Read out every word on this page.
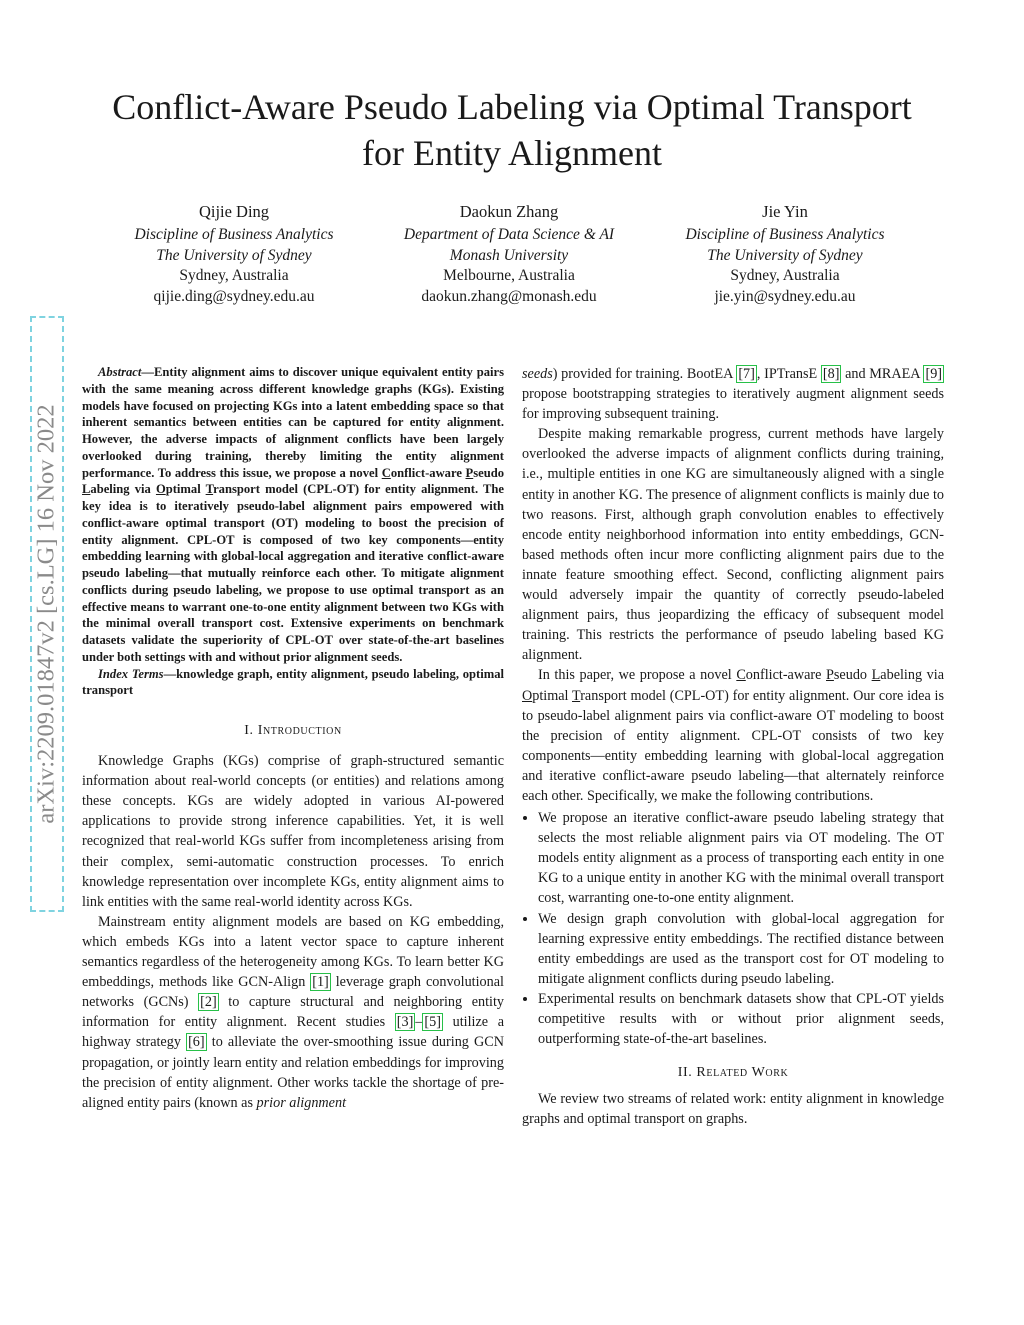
arXiv:2209.01847v2 [cs.LG] 16 Nov 2022
Conflict-Aware Pseudo Labeling via Optimal Transport for Entity Alignment
Qijie Ding
Discipline of Business Analytics
The University of Sydney
Sydney, Australia
qijie.ding@sydney.edu.au
Daokun Zhang
Department of Data Science & AI
Monash University
Melbourne, Australia
daokun.zhang@monash.edu
Jie Yin
Discipline of Business Analytics
The University of Sydney
Sydney, Australia
jie.yin@sydney.edu.au

Abstract—Entity alignment aims to discover unique equivalent entity pairs with the same meaning across different knowledge graphs (KGs). Existing models have focused on projecting KGs into a latent embedding space so that inherent semantics between entities can be captured for entity alignment. However, the adverse impacts of alignment conflicts have been largely overlooked during training, thereby limiting the entity alignment performance. To address this issue, we propose a novel Conflict-aware Pseudo Labeling via Optimal Transport model (CPL-OT) for entity alignment. The key idea is to iteratively pseudo-label alignment pairs empowered with conflict-aware optimal transport (OT) modeling to boost the precision of entity alignment. CPL-OT is composed of two key components—entity embedding learning with global-local aggregation and iterative conflict-aware pseudo labeling—that mutually reinforce each other. To mitigate alignment conflicts during pseudo labeling, we propose to use optimal transport as an effective means to warrant one-to-one entity alignment between two KGs with the minimal overall transport cost. Extensive experiments on benchmark datasets validate the superiority of CPL-OT over state-of-the-art baselines under both settings with and without prior alignment seeds.

Index Terms—knowledge graph, entity alignment, pseudo labeling, optimal transport

I. Introduction

Knowledge Graphs (KGs) comprise of graph-structured semantic information about real-world concepts (or entities) and relations among these concepts. KGs are widely adopted in various AI-powered applications to provide strong inference capabilities. Yet, it is well recognized that real-world KGs suffer from incompleteness arising from their complex, semi-automatic construction processes. To enrich knowledge representation over incomplete KGs, entity alignment aims to link entities with the same real-world identity across KGs.

Mainstream entity alignment models are based on KG embedding, which embeds KGs into a latent vector space to capture inherent semantics regardless of the heterogeneity among KGs. To learn better KG embeddings, methods like GCN-Align [1] leverage graph convolutional networks (GCNs) [2] to capture structural and neighboring entity information for entity alignment. Recent studies [3] – [5] utilize a highway strategy [6] to alleviate the over-smoothing issue during GCN propagation, or jointly learn entity and relation embeddings for improving the precision of entity alignment. Other works tackle the shortage of pre-aligned entity pairs (known as prior alignment

seeds) provided for training. BootEA [7] , IPTransE [8] and MRAEA [9] propose bootstrapping strategies to iteratively augment alignment seeds for improving subsequent training.

Despite making remarkable progress, current methods have largely overlooked the adverse impacts of alignment conflicts during training, i.e., multiple entities in one KG are simultaneously aligned with a single entity in another KG. The presence of alignment conflicts is mainly due to two reasons. First, although graph convolution enables to effectively encode entity neighborhood information into entity embeddings, GCN-based methods often incur more conflicting alignment pairs due to the innate feature smoothing effect. Second, conflicting alignment pairs would adversely impair the quantity of correctly pseudo-labeled alignment pairs, thus jeopardizing the efficacy of subsequent model training. This restricts the performance of pseudo labeling based KG alignment.

In this paper, we propose a novel Conflict-aware Pseudo Labeling via Optimal Transport model (CPL-OT) for entity alignment. Our core idea is to pseudo-label alignment pairs via conflict-aware OT modeling to boost the precision of entity alignment. CPL-OT consists of two key components—entity embedding learning with global-local aggregation and iterative conflict-aware pseudo labeling—that alternately reinforce each other. Specifically, we make the following contributions.

• We propose an iterative conflict-aware pseudo labeling strategy that selects the most reliable alignment pairs via OT modeling. The OT models entity alignment as a process of transporting each entity in one KG to a unique entity in another KG with the minimal overall transport cost, warranting one-to-one entity alignment.
• We design graph convolution with global-local aggregation for learning expressive entity embeddings. The rectified distance between entity embeddings are used as the transport cost for OT modeling to mitigate alignment conflicts during pseudo labeling.
• Experimental results on benchmark datasets show that CPL-OT yields competitive results with or without prior alignment seeds, outperforming state-of-the-art baselines.
II. Related Work

We review two streams of related work: entity alignment in knowledge graphs and optimal transport on graphs.
